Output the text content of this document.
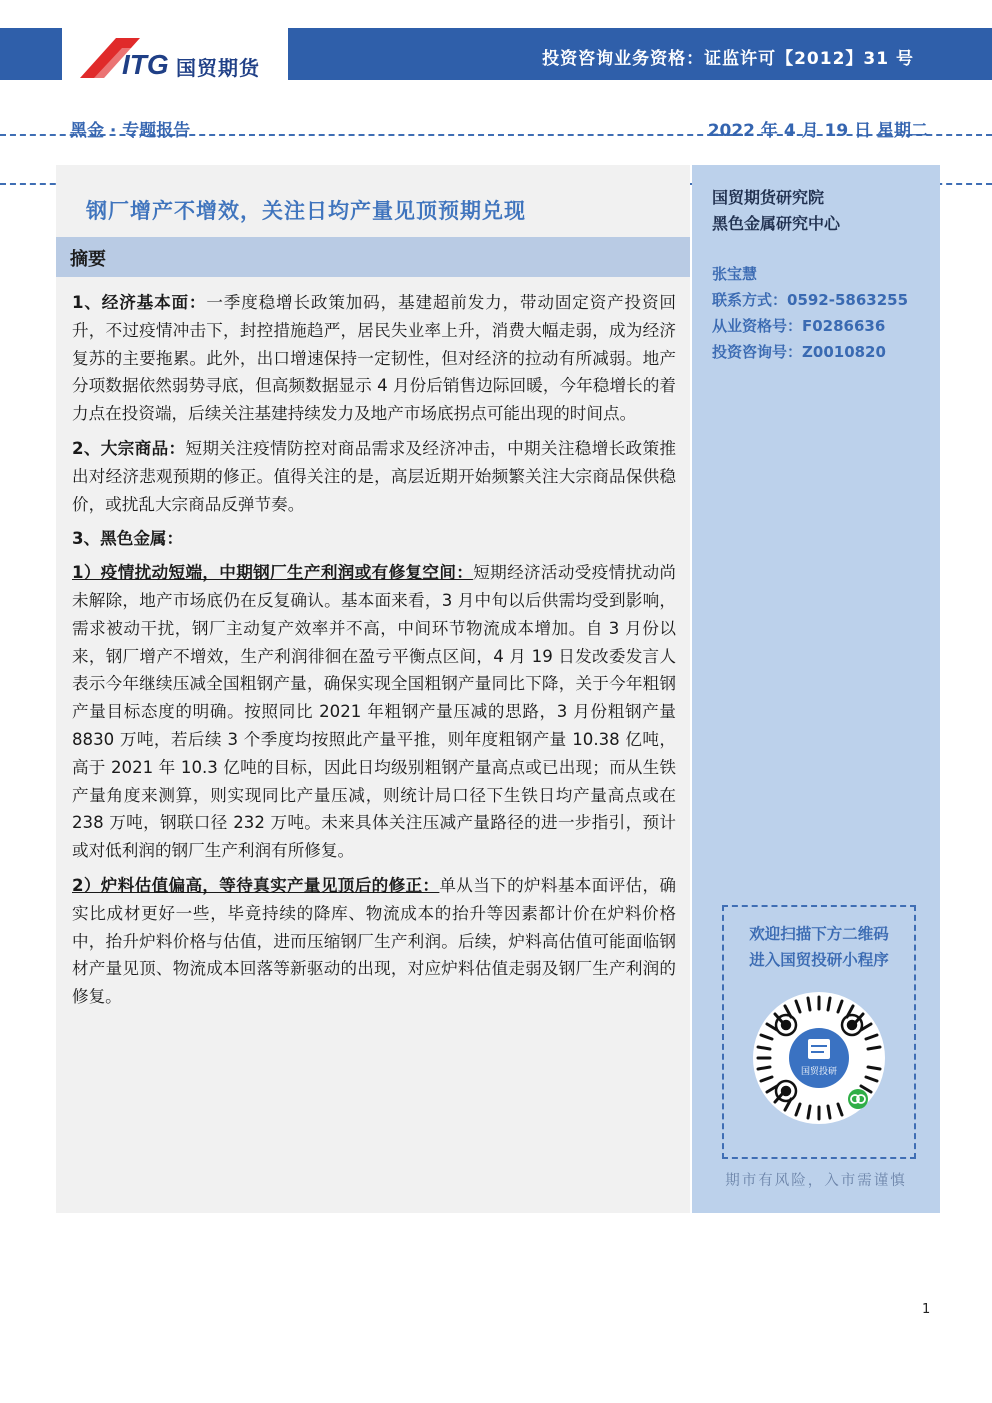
ITG 国贸期货	投资咨询业务资格：证监许可【2012】31 号
黑金 · 专题报告	2022 年 4 月 19 日 星期二
钢厂增产不增效，关注日均产量见顶预期兑现
摘要

1、经济基本面：一季度稳增长政策加码，基建超前发力，带动固定资产投资回升，不过疫情冲击下，封控措施趋严，居民失业率上升，消费大幅走弱，成为经济复苏的主要拖累。此外，出口增速保持一定韧性，但对经济的拉动有所减弱。地产分项数据依然弱势寻底，但高频数据显示 4 月份后销售边际回暖，今年稳增长的着力点在投资端，后续关注基建持续发力及地产市场底拐点可能出现的时间点。

2、大宗商品：短期关注疫情防控对商品需求及经济冲击，中期关注稳增长政策推出对经济悲观预期的修正。值得关注的是，高层近期开始频繁关注大宗商品保供稳价，或扰乱大宗商品反弹节奏。

3、黑色金属：

1）疫情扰动短端，中期钢厂生产利润或有修复空间：短期经济活动受疫情扰动尚未解除，地产市场底仍在反复确认。基本面来看，3 月中旬以后供需均受到影响，需求被动干扰，钢厂主动复产效率并不高，中间环节物流成本增加。自 3 月份以来，钢厂增产不增效，生产利润徘徊在盈亏平衡点区间，4 月 19 日发改委发言人表示今年继续压减全国粗钢产量，确保实现全国粗钢产量同比下降，关于今年粗钢产量目标态度的明确。按照同比 2021 年粗钢产量压减的思路，3 月份粗钢产量 8830 万吨，若后续 3 个季度均按照此产量平推，则年度粗钢产量 10.38 亿吨，高于 2021 年 10.3 亿吨的目标，因此日均级别粗钢产量高点或已出现；而从生铁产量角度来测算，则实现同比产量压减，则统计局口径下生铁日均产量高点或在 238 万吨，钢联口径 232 万吨。未来具体关注压减产量路径的进一步指引，预计或对低利润的钢厂生产利润有所修复。

2）炉料估值偏高，等待真实产量见顶后的修正：单从当下的炉料基本面评估，确实比成材更好一些，毕竟持续的降库、物流成本的抬升等因素都计价在炉料价格中，抬升炉料价格与估值，进而压缩钢厂生产利润。后续，炉料高估值可能面临钢材产量见顶、物流成本回落等新驱动的出现，对应炉料估值走弱及钢厂生产利润的修复。

国贸期货研究院
黑色金属研究中心
张宝慧
联系方式：0592-5863255
从业资格号：F0286636
投资咨询号：Z0010820
欢迎扫描下方二维码
进入国贸投研小程序
国贸投研
期市有风险，入市需谨慎
1
